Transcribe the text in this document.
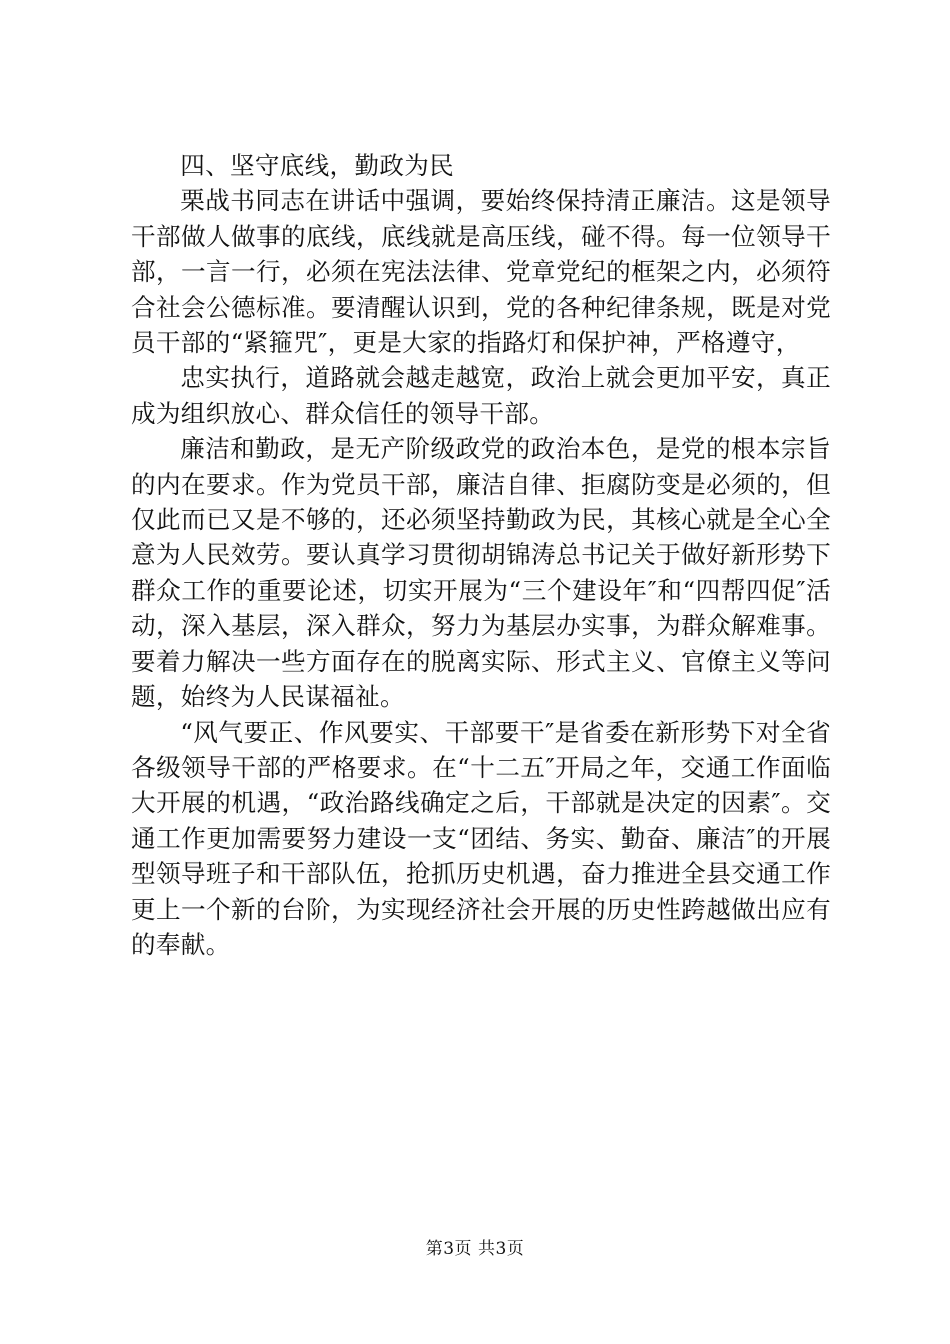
四、坚守底线，勤政为民

栗战书同志在讲话中强调，要始终保持清正廉洁。这是领导干部做人做事的底线，底线就是高压线，碰不得。每一位领导干部，一言一行，必须在宪法法律、党章党纪的框架之内，必须符合社会公德标准。要清醒认识到，党的各种纪律条规，既是对党员干部的“紧箍咒″，更是大家的指路灯和保护神，严格遵守，

忠实执行，道路就会越走越宽，政治上就会更加平安，真正成为组织放心、群众信任的领导干部。

廉洁和勤政，是无产阶级政党的政治本色，是党的根本宗旨的内在要求。作为党员干部，廉洁自律、拒腐防变是必须的，但仅此而已又是不够的，还必须坚持勤政为民，其核心就是全心全意为人民效劳。要认真学习贯彻胡锦涛总书记关于做好新形势下群众工作的重要论述，切实开展为“三个建设年″和“四帮四促″活动，深入基层，深入群众，努力为基层办实事，为群众解难事。要着力解决一些方面存在的脱离实际、形式主义、官僚主义等问题，始终为人民谋福祉。

“风气要正、作风要实、干部要干″是省委在新形势下对全省各级领导干部的严格要求。在“十二五″开局之年，交通工作面临大开展的机遇，“政治路线确定之后，干部就是决定的因素″。交通工作更加需要努力建设一支“团结、务实、勤奋、廉洁″的开展型领导班子和干部队伍，抢抓历史机遇，奋力推进全县交通工作更上一个新的台阶，为实现经济社会开展的历史性跨越做出应有的奉献。

第3页 共3页
